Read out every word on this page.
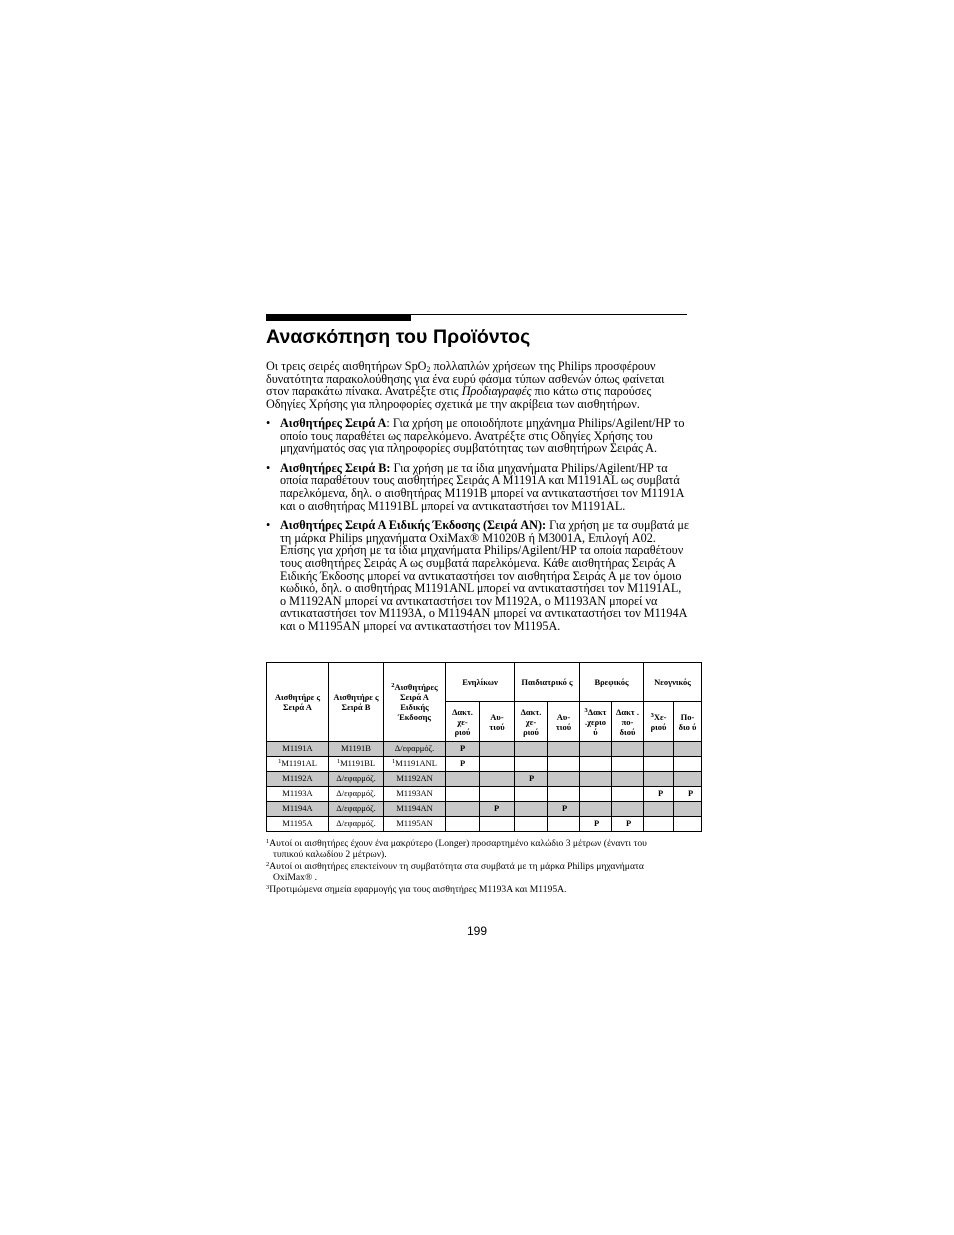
Ανασκόπηση του Προϊόντος

Οι τρεις σειρές αισθητήρων SpO$_2$ πολλαπλών χρήσεων της Philips προσφέρουν δυνατότητα παρακολούθησης για ένα ευρύ φάσμα τύπων ασθενών όπως φαίνεται στον παρακάτω πίνακα. Ανατρέξτε στις Προδιαγραφές πιο κάτω στις παρούσες Οδηγίες Χρήσης για πληροφορίες σχετικά με την ακρίβεια των αισθητήρων.

• Αισθητήρες Σειρά Α: Για χρήση με οποιοδήποτε μηχάνημα Philips/Agilent/HP το οποίο τους παραθέτει ως παρελκόμενο. Ανατρέξτε στις Οδηγίες Χρήσης του μηχανήματός σας για πληροφορίες συμβατότητας των αισθητήρων Σειράς Α.
• Αισθητήρες Σειρά Β: Για χρήση με τα ίδια μηχανήματα Philips/Agilent/HP τα οποία παραθέτουν τους αισθητήρες Σειράς Α M1191A και M1191AL ως συμβατά παρελκόμενα, δηλ. ο αισθητήρας M1191B μπορεί να αντικαταστήσει τον M1191A και ο αισθητήρας M1191BL μπορεί να αντικαταστήσει τον M1191AL.
• Αισθητήρες Σειρά Α Ειδικής Έκδοσης (Σειρά AN): Για χρήση με τα συμβατά με τη μάρκα Philips μηχανήματα OxiMax® M1020B ή M3001A, Επιλογή A02. Επίσης για χρήση με τα ίδια μηχανήματα Philips/Agilent/HP τα οποία παραθέτουν τους αισθητήρες Σειράς Α ως συμβατά παρελκόμενα. Κάθε αισθητήρας Σειράς Α Ειδικής Έκδοσης μπορεί να αντικαταστήσει τον αισθητήρα Σειράς Α με τον όμοιο κωδικό, δηλ. ο αισθητήρας M1191ANL μπορεί να αντικαταστήσει τον M1191AL, ο M1192AN μπορεί να αντικαταστήσει τον M1192A, ο M1193AN μπορεί να αντικαταστήσει τον M1193A, ο M1194AN μπορεί να αντικαταστήσει τον M1194A και ο M1195AN μπορεί να αντικαταστήσει τον M1195A.
Αισθητήρε ς Σειρά Α	Αισθητήρε ς Σειρά Β	$^2$Αισθητήρες Σειρά Α Ειδικής Έκδοσης	Ενηλίκων		Παιδιατρικό ς		Βρεφικός		Νεογνικός	
			Δακτ. χε- ριού	Αυ- τιού	Δακτ. χε- ριού	Αυ- τιού	$^3$Δακτ .χεριο ύ	Δακτ . πο- διού	$^3$Χε- ριού	Πο- διο ύ
M1191A	M1191B	Δ/εφαρμόζ.	P							
$^1$M1191AL	$^1$M1191BL	$^1$M1191ANL	P							
M1192A	Δ/εφαρμόζ.	M1192AN			P					
M1193A	Δ/εφαρμόζ.	M1193AN							P	P
M1194A	Δ/εφαρμόζ.	M1194AN		P		P				
M1195A	Δ/εφαρμόζ.	M1195AN					P	P		

$^1$Αυτοί οι αισθητήρες έχουν ένα μακρύτερο (Longer) προσαρτημένο καλώδιο 3 μέτρων (έναντι του
τυπικού καλωδίου 2 μέτρων).

$^2$Αυτοί οι αισθητήρες επεκτείνουν τη συμβατότητα στα συμβατά με τη μάρκα Philips μηχανήματα
OxiMax® .

$^3$Προτιμώμενα σημεία εφαρμογής για τους αισθητήρες M1193A και M1195A.

199
